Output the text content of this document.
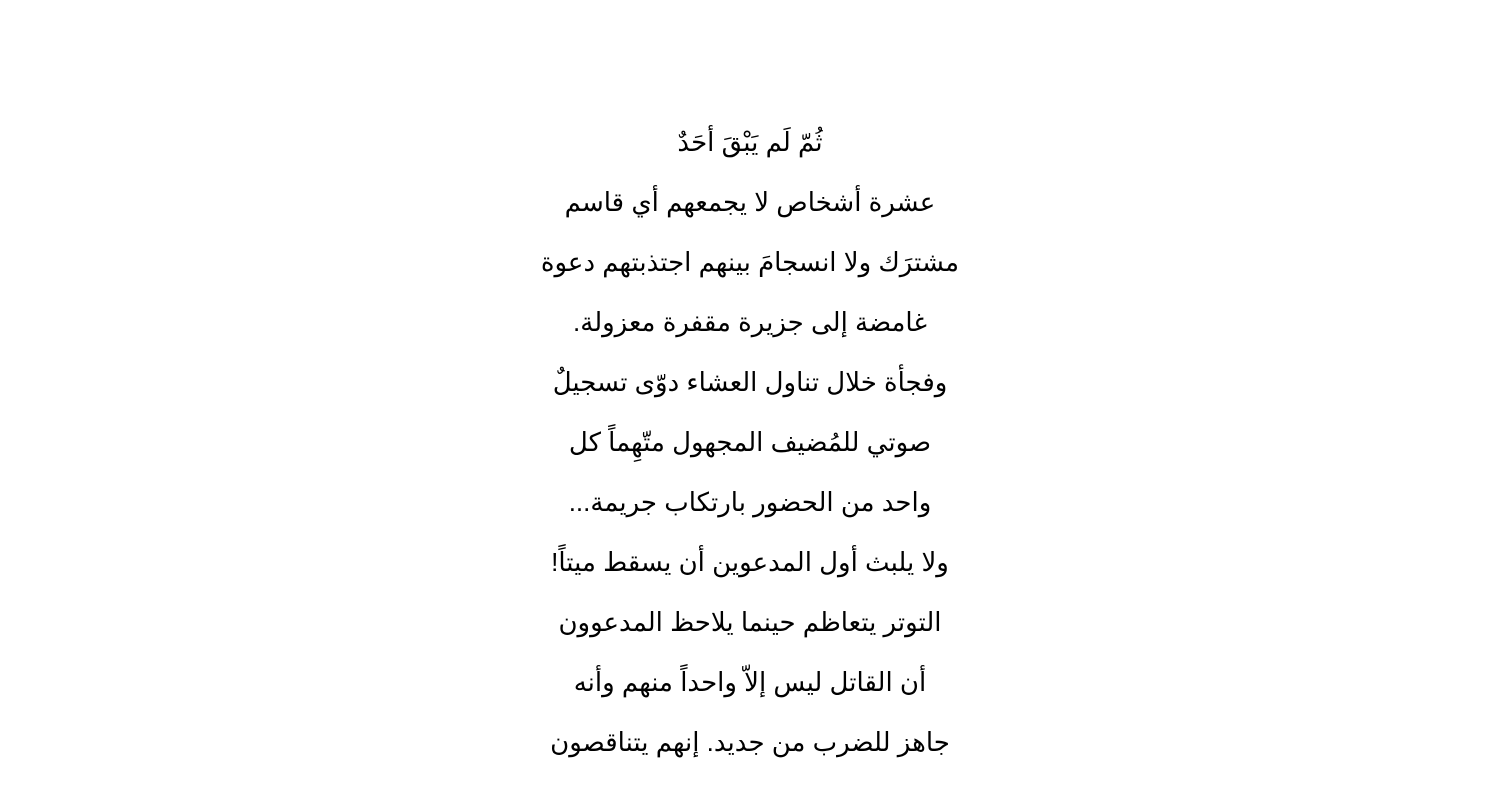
ثُمّ لَم يَبْقَ أحَدٌ
عشرة أشخاص لا يجمعهم أي قاسم
مشترَك ولا انسجامَ بينهم اجتذبتهم دعوة
غامضة إلى جزيرة مقفرة معزولة.
وفجأة خلال تناول العشاء دوّى تسجيلٌ
صوتي للمُضيف المجهول متّهِماً كل
واحد من الحضور بارتكاب جريمة...
ولا يلبث أول المدعوين أن يسقط ميتاً!
التوتر يتعاظم حينما يلاحظ المدعوون
أن القاتل ليس إلاّ واحداً منهم وأنه
جاهز للضرب من جديد. إنهم يتناقصون
